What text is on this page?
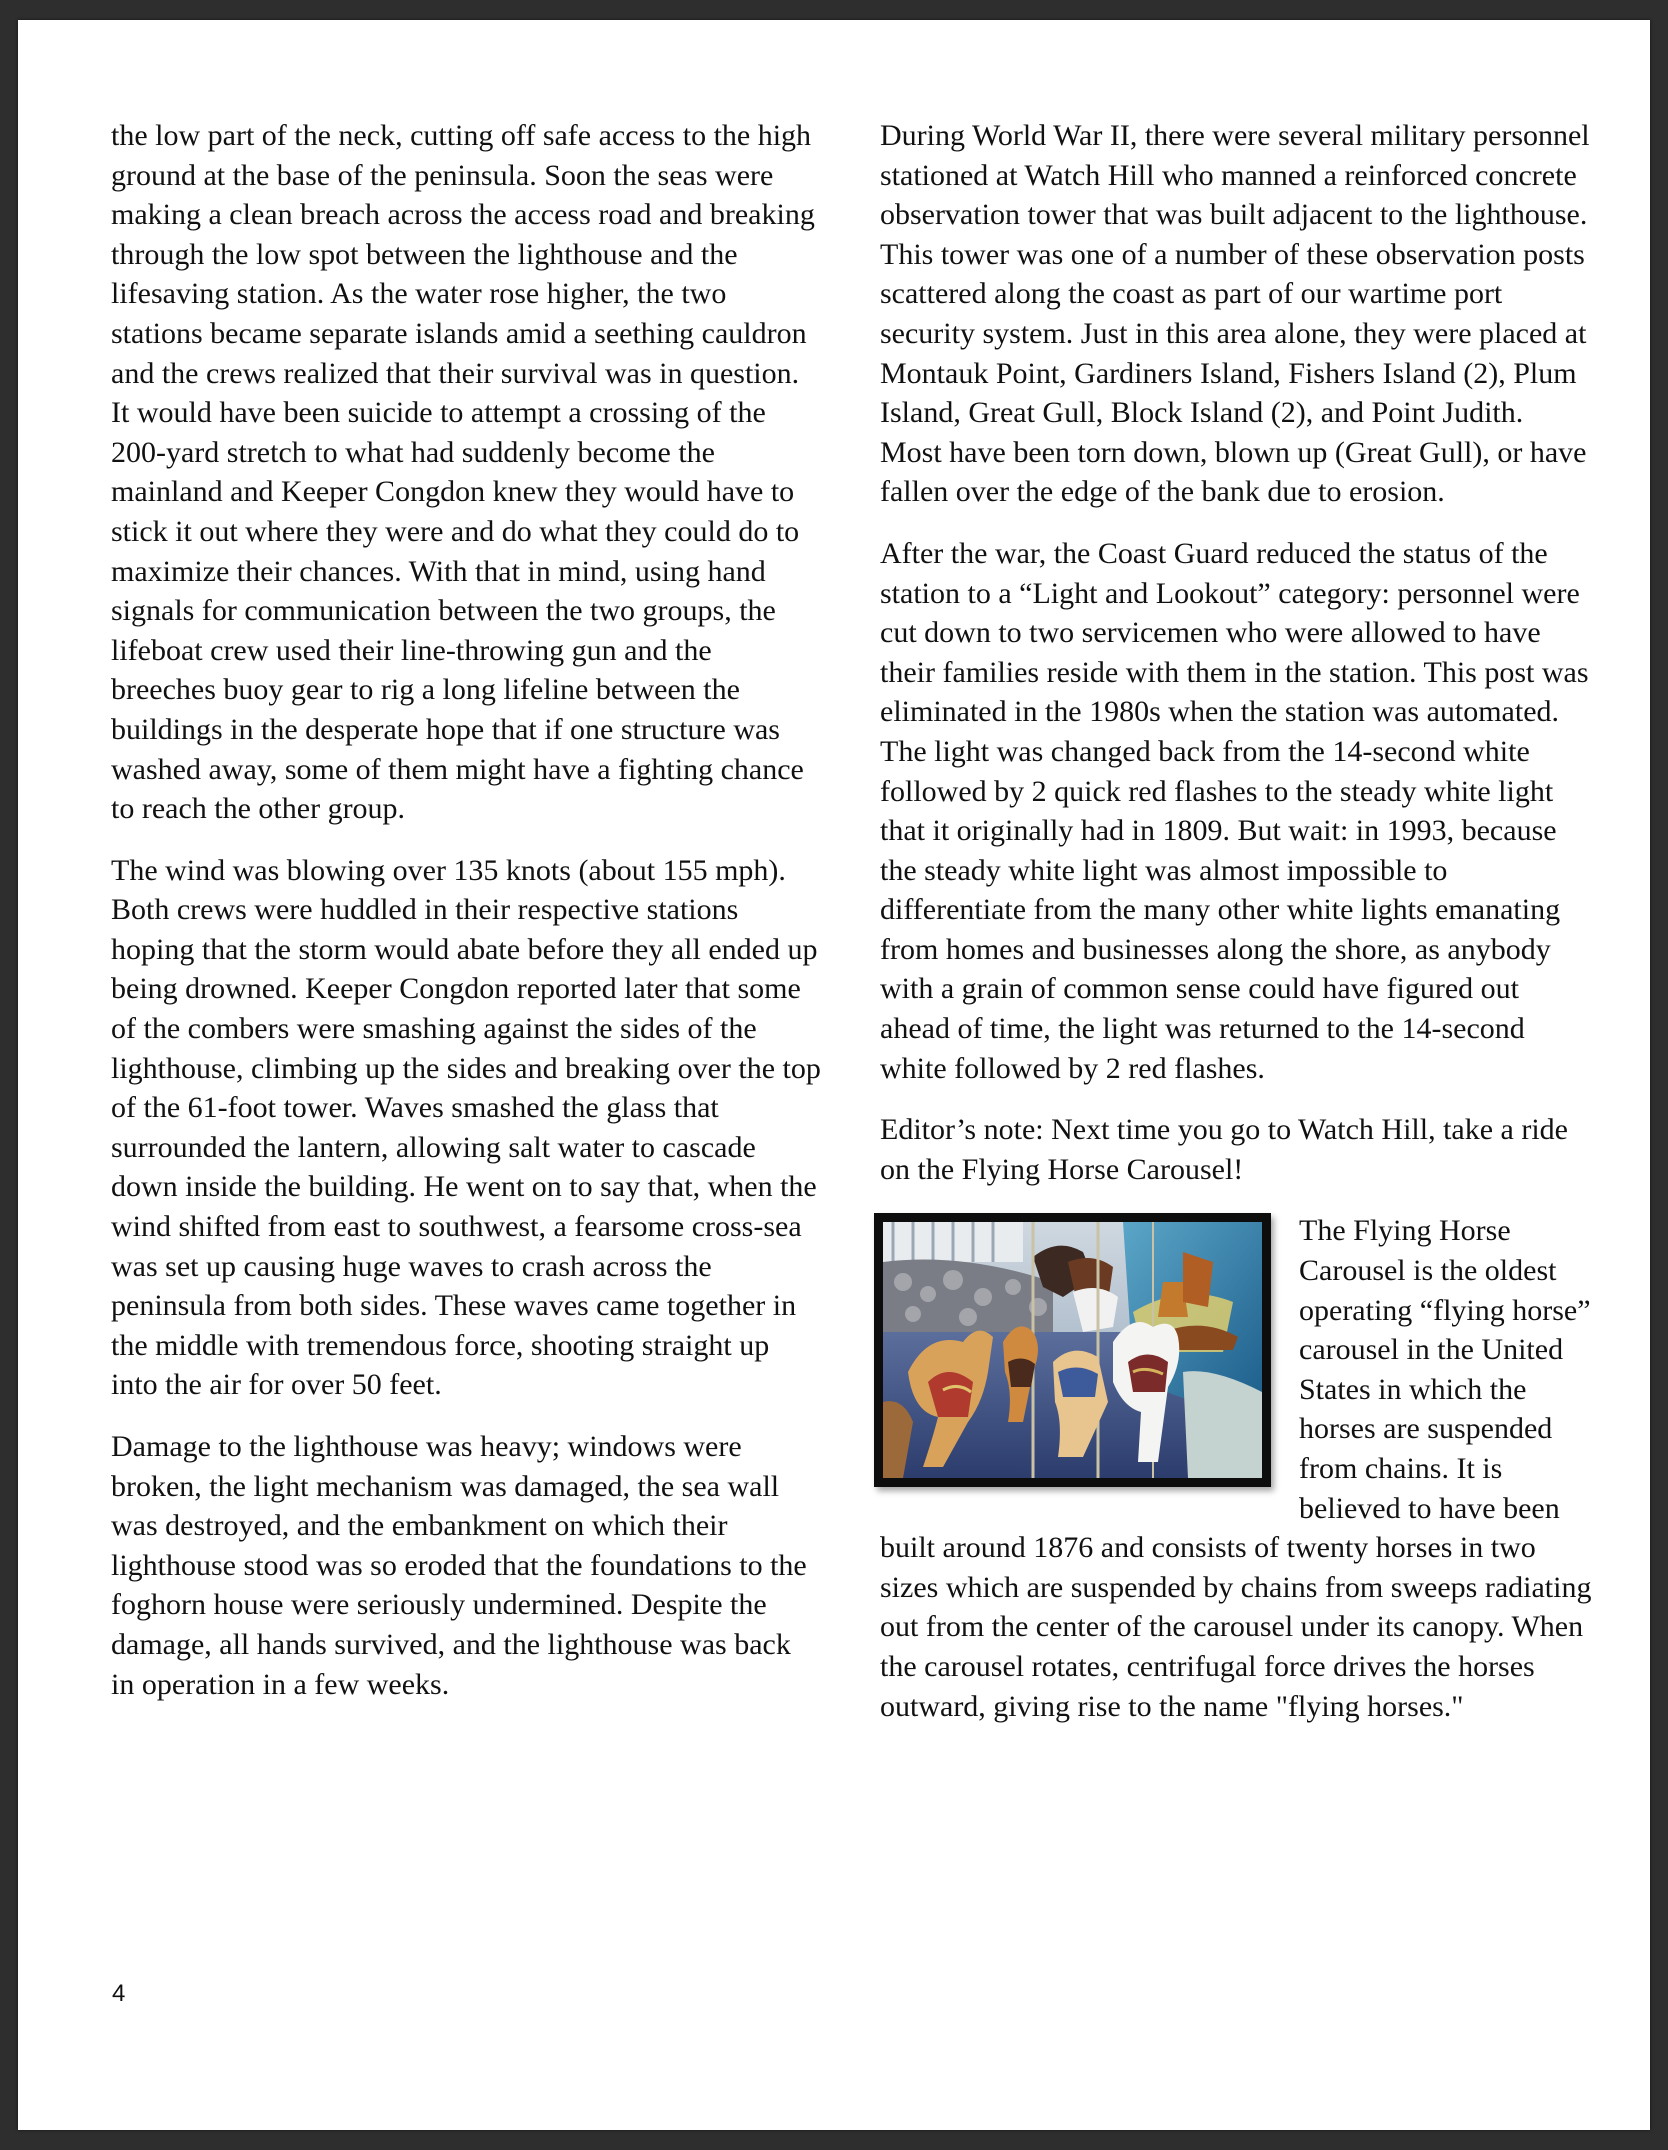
the low part of the neck, cutting off safe access to the high ground at the base of the peninsula. Soon the seas were making a clean breach across the access road and breaking through the low spot between the lighthouse and the lifesaving station. As the water rose higher, the two stations became separate islands amid a seething cauldron and the crews realized that their survival was in question. It would have been suicide to attempt a crossing of the 200-yard stretch to what had suddenly become the mainland and Keeper Congdon knew they would have to stick it out where they were and do what they could do to maximize their chances. With that in mind, using hand signals for communication between the two groups, the lifeboat crew used their line-throwing gun and the breeches buoy gear to rig a long lifeline between the buildings in the desperate hope that if one structure was washed away, some of them might have a fighting chance to reach the other group.

The wind was blowing over 135 knots (about 155 mph). Both crews were huddled in their respective stations hoping that the storm would abate before they all ended up being drowned. Keeper Congdon reported later that some of the combers were smashing against the sides of the lighthouse, climbing up the sides and breaking over the top of the 61-foot tower. Waves smashed the glass that surrounded the lantern, allowing salt water to cascade down inside the building. He went on to say that, when the wind shifted from east to southwest, a fearsome cross-sea was set up causing huge waves to crash across the peninsula from both sides. These waves came together in the middle with tremendous force, shooting straight up into the air for over 50 feet.

Damage to the lighthouse was heavy; windows were broken, the light mechanism was damaged, the sea wall was destroyed, and the embankment on which their lighthouse stood was so eroded that the foundations to the foghorn house were seriously undermined. Despite the damage, all hands survived, and the lighthouse was back in operation in a few weeks.

During World War II, there were several military personnel stationed at Watch Hill who manned a reinforced concrete observation tower that was built adjacent to the lighthouse. This tower was one of a number of these observation posts scattered along the coast as part of our wartime port security system. Just in this area alone, they were placed at Montauk Point, Gardiners Island, Fishers Island (2), Plum Island, Great Gull, Block Island (2), and Point Judith. Most have been torn down, blown up (Great Gull), or have fallen over the edge of the bank due to erosion.

After the war, the Coast Guard reduced the status of the station to a “Light and Lookout” category: personnel were cut down to two servicemen who were allowed to have their families reside with them in the station. This post was eliminated in the 1980s when the station was automated. The light was changed back from the 14-second white followed by 2 quick red flashes to the steady white light that it originally had in 1809. But wait: in 1993, because the steady white light was almost impossible to differentiate from the many other white lights emanating from homes and businesses along the shore, as anybody with a grain of common sense could have figured out ahead of time, the light was returned to the 14-second white followed by 2 red flashes.

Editor’s note: Next time you go to Watch Hill, take a ride on the Flying Horse Carousel!

The Flying Horse Carousel is the oldest operating “flying horse” carousel in the United States in which the horses are suspended from chains. It is believed to have been built around 1876 and consists of twenty horses in two sizes which are suspended by chains from sweeps radiating out from the center of the carousel under its canopy. When the carousel rotates, centrifugal force drives the horses outward, giving rise to the name "flying horses."

4
